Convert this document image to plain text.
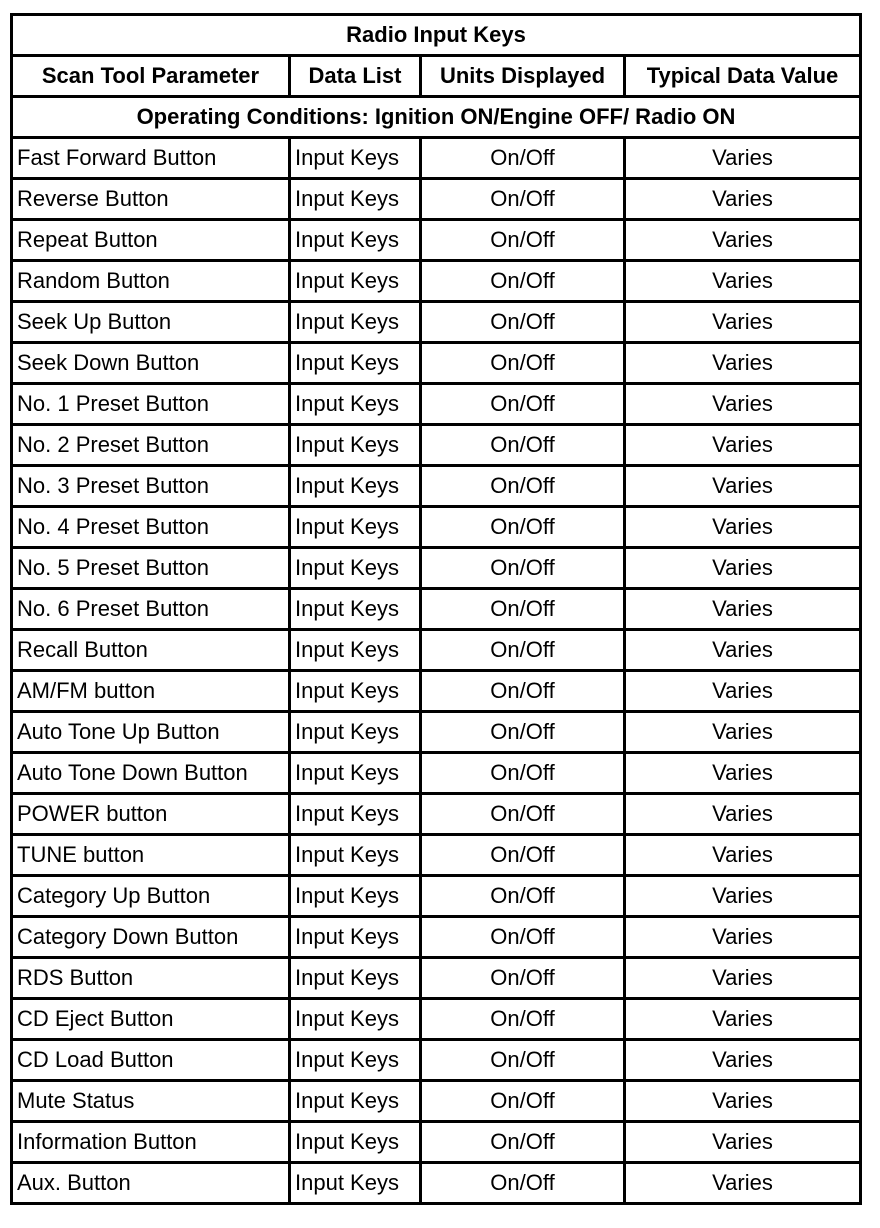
Radio Input Keys			
Scan Tool Parameter	Data List	Units Displayed	Typical Data Value
Operating Conditions: Ignition ON/Engine OFF/ Radio ON			
Fast Forward Button	Input Keys	On/Off	Varies
Reverse Button	Input Keys	On/Off	Varies
Repeat Button	Input Keys	On/Off	Varies
Random Button	Input Keys	On/Off	Varies
Seek Up Button	Input Keys	On/Off	Varies
Seek Down Button	Input Keys	On/Off	Varies
No. 1 Preset Button	Input Keys	On/Off	Varies
No. 2 Preset Button	Input Keys	On/Off	Varies
No. 3 Preset Button	Input Keys	On/Off	Varies
No. 4 Preset Button	Input Keys	On/Off	Varies
No. 5 Preset Button	Input Keys	On/Off	Varies
No. 6 Preset Button	Input Keys	On/Off	Varies
Recall Button	Input Keys	On/Off	Varies
AM/FM button	Input Keys	On/Off	Varies
Auto Tone Up Button	Input Keys	On/Off	Varies
Auto Tone Down Button	Input Keys	On/Off	Varies
POWER button	Input Keys	On/Off	Varies
TUNE button	Input Keys	On/Off	Varies
Category Up Button	Input Keys	On/Off	Varies
Category Down Button	Input Keys	On/Off	Varies
RDS Button	Input Keys	On/Off	Varies
CD Eject Button	Input Keys	On/Off	Varies
CD Load Button	Input Keys	On/Off	Varies
Mute Status	Input Keys	On/Off	Varies
Information Button	Input Keys	On/Off	Varies
Aux. Button	Input Keys	On/Off	Varies
